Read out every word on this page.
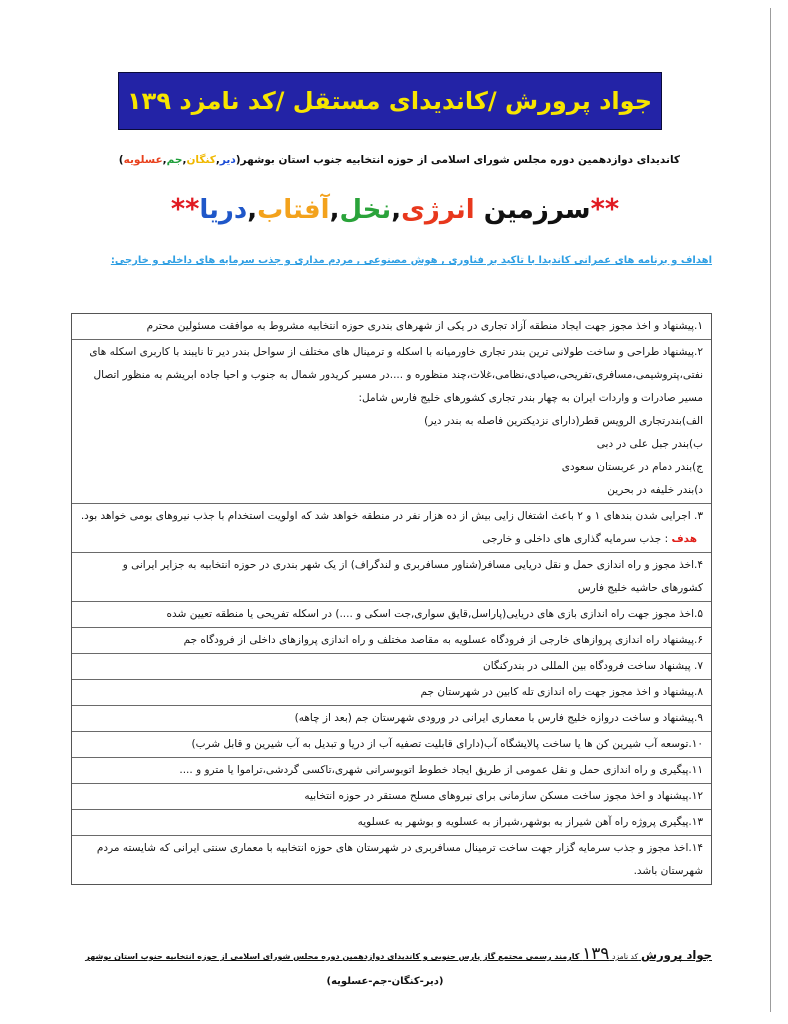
جواد پرورش /کاندیدای مستقل /کد نامزد ۱۳۹
کاندیدای دوازدهمین دوره مجلس شورای اسلامی از حوزه انتخابیه جنوب استان بوشهر(دیر,کنگان,جم,عسلویه)
**سرزمین انرژی,نخل,آفتاب,دریا**
اهداف و برنامه های عمرانی کاندیدا با تاکید بر فناوری , هوش مصنوعی , مردم مداری و جذب سرمایه های داخلی و خارجی:
۱.پیشنهاد و اخذ مجوز جهت ایجاد منطقه آزاد تجاری در یکی از شهرهای بندری حوزه انتخابیه مشروط به موافقت مسئولین محترم
۲.پیشنهاد طراحی و ساخت طولانی ترین بندر تجاری خاورمیانه با اسکله و ترمینال های مختلف از سواحل بندر دیر تا نایبند با کاربری اسکله های نفتی،پتروشیمی،مسافری،تفریحی،صیادی،نظامی،غلات،چند منظوره و ....در مسیر کریدور شمال به جنوب و احیا جاده ابریشم به منظور اتصال مسیر صادرات و واردات ایران به چهار بندر تجاری کشورهای خلیج فارس شامل:
الف)بندرتجاری الرویس قطر(دارای نزدیکترین فاصله به بندر دیر)
ب)بندر جبل علی در دبی
ج)بندر دمام در عربستان سعودی
د)بندر خلیفه در بحرین
۳. اجرایی شدن بندهای ۱ و ۲ باعث اشتغال زایی بیش از ده هزار نفر در منطقه خواهد شد که اولویت استخدام با جذب نیروهای بومی خواهد بود.
هدف : جذب سرمایه گذاری های داخلی و خارجی
۴.اخذ مجوز و راه اندازی حمل و نقل دریایی مسافر(شناور مسافربری و لندگراف) از یک شهر بندری در حوزه انتخابیه به جزایر ایرانی و کشورهای حاشیه خلیج فارس
۵.اخذ مجوز جهت راه اندازی بازی های دریایی(پاراسل,قایق سواری,جت اسکی و ....) در اسکله تفریحی یا منطقه تعیین شده
۶.پیشنهاد راه اندازی پروازهای خارجی از فرودگاه عسلویه به مقاصد مختلف و راه اندازی پروازهای داخلی از فرودگاه جم
۷. پیشنهاد ساخت فرودگاه بین المللی در بندرکنگان
۸.پیشنهاد و اخذ مجوز جهت راه اندازی تله کابین در شهرستان جم
۹.پیشنهاد و ساخت دروازه خلیج فارس با معماری ایرانی در ورودی شهرستان جم (بعد از چاهه)
۱۰.توسعه آب شیرین کن ها یا ساخت پالایشگاه آب(دارای قابلیت تصفیه آب از دریا و تبدیل به آب شیرین و قابل شرب)
۱۱.پیگیری و راه اندازی حمل و نقل عمومی از طریق ایجاد خطوط اتوبوسرانی شهری،تاکسی گردشی،تراموا یا مترو و ....
۱۲.پیشنهاد و اخذ مجوز ساخت مسکن سازمانی برای نیروهای مسلح مستقر در حوزه انتخابیه
۱۳.پیگیری پروژه راه آهن شیراز به بوشهر،شیراز به عسلویه و بوشهر به عسلویه
۱۴.اخذ مجوز و جذب سرمایه گزار جهت ساخت ترمینال مسافربری در شهرستان های حوزه انتخابیه با معماری سنتی ایرانی که شایسته مردم شهرستان باشد.
جواد پرورش کد نامزد ۱۳۹ کارمند رسمی مجتمع گاز پارس جنوبی و کاندیدای دوازدهمین دوره مجلس شورای اسلامی از حوزه انتخابیه جنوب استان بوشهر
(دیر-کنگان-جم-عسلویه)
